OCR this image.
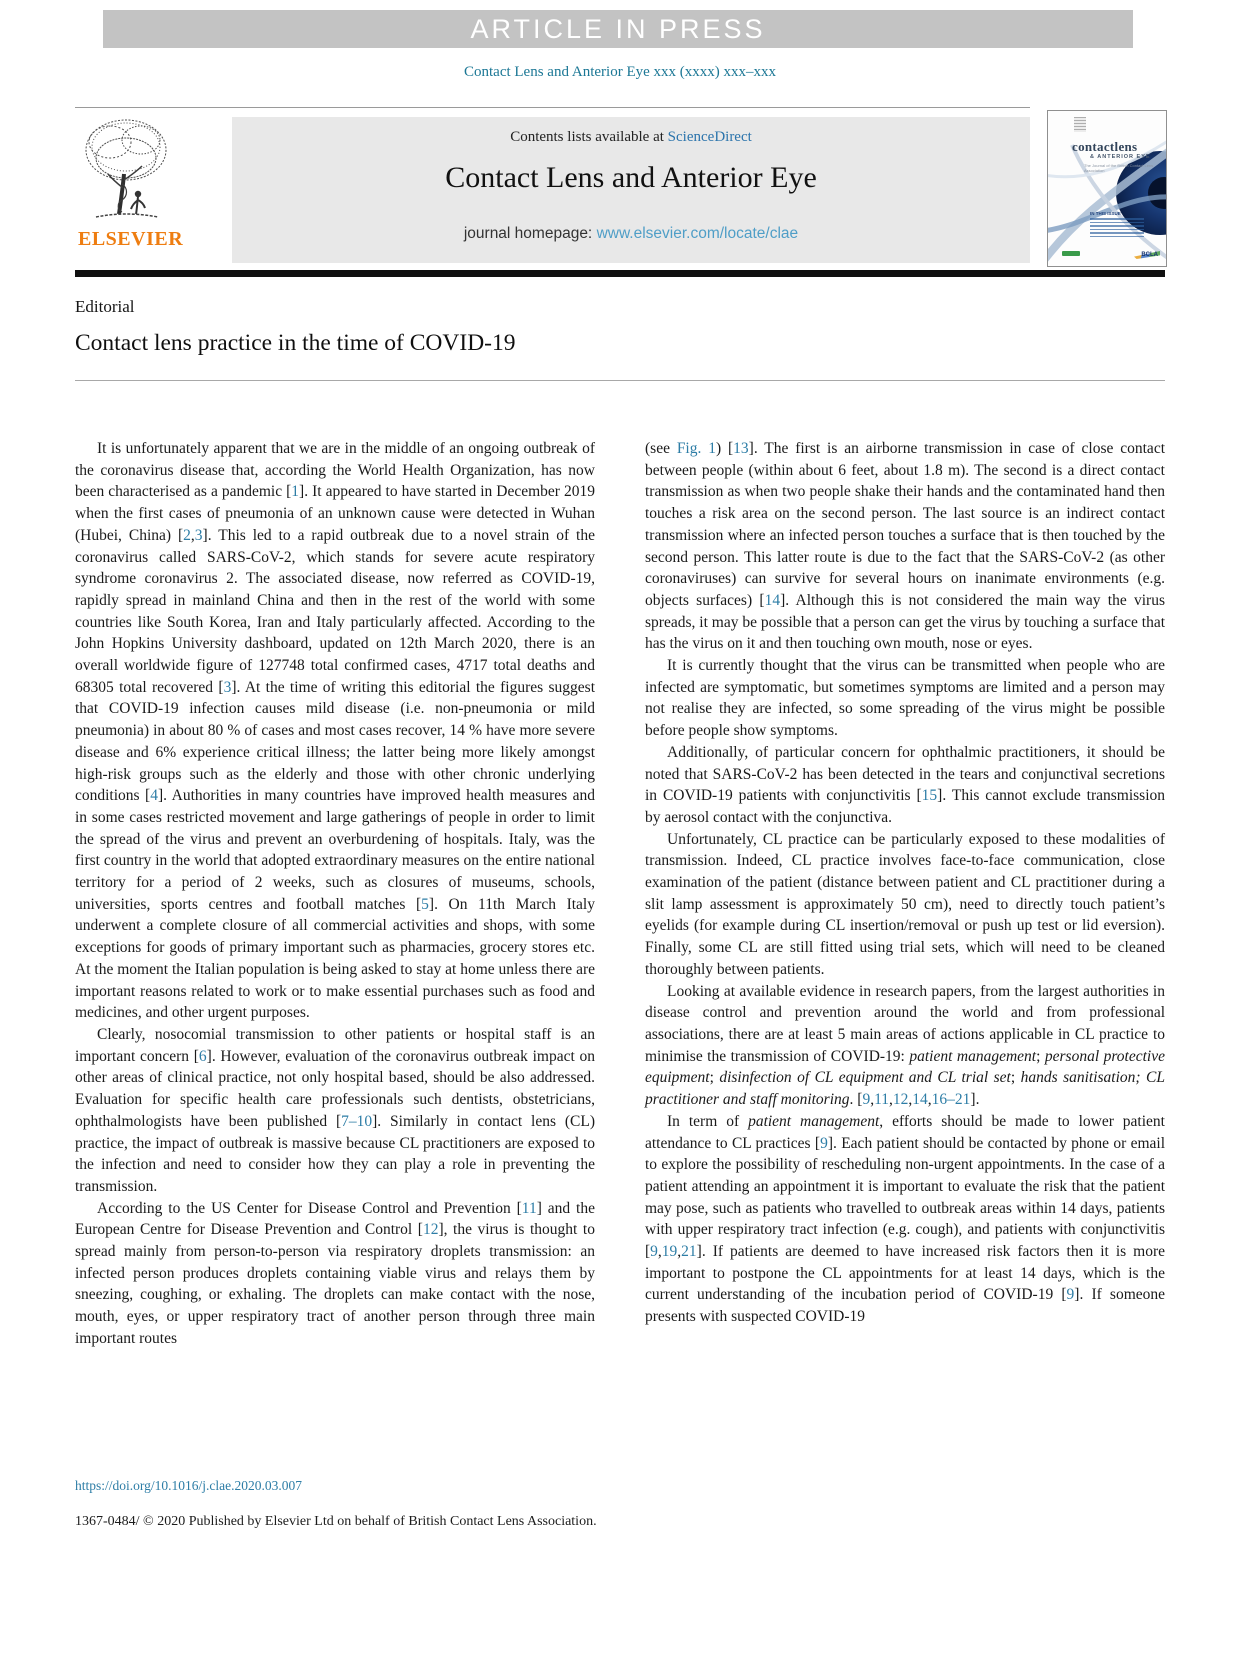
ARTICLE IN PRESS
Contact Lens and Anterior Eye xxx (xxxx) xxx–xxx
ELSEVIER
Contents lists available at ScienceDirect
Contact Lens and Anterior Eye
journal homepage: www.elsevier.com/locate/clae
contactlens
& ANTERIOR EYE
The Journal of the British Contact Lens Association
IN THIS ISSUE
BCLA
Editorial
Contact lens practice in the time of COVID-19

It is unfortunately apparent that we are in the middle of an ongoing outbreak of the coronavirus disease that, according the World Health Organization, has now been characterised as a pandemic [1]. It appeared to have started in December 2019 when the first cases of pneumonia of an unknown cause were detected in Wuhan (Hubei, China) [2,3]. This led to a rapid outbreak due to a novel strain of the coronavirus called SARS-CoV-2, which stands for severe acute respiratory syndrome coronavirus 2. The associated disease, now referred as COVID-19, rapidly spread in mainland China and then in the rest of the world with some countries like South Korea, Iran and Italy particularly affected. According to the John Hopkins University dashboard, updated on 12th March 2020, there is an overall worldwide figure of 127748 total confirmed cases, 4717 total deaths and 68305 total recovered [3]. At the time of writing this editorial the figures suggest that COVID-19 infection causes mild disease (i.e. non-pneumonia or mild pneumonia) in about 80 % of cases and most cases recover, 14 % have more severe disease and 6% experience critical illness; the latter being more likely amongst high-risk groups such as the elderly and those with other chronic underlying conditions [4]. Authorities in many countries have improved health measures and in some cases restricted movement and large gatherings of people in order to limit the spread of the virus and prevent an overburdening of hospitals. Italy, was the first country in the world that adopted extraordinary measures on the entire national territory for a period of 2 weeks, such as closures of museums, schools, universities, sports centres and football matches [5]. On 11th March Italy underwent a complete closure of all commercial activities and shops, with some exceptions for goods of primary important such as pharmacies, grocery stores etc. At the moment the Italian population is being asked to stay at home unless there are important reasons related to work or to make essential purchases such as food and medicines, and other urgent purposes.

Clearly, nosocomial transmission to other patients or hospital staff is an important concern [6]. However, evaluation of the coronavirus outbreak impact on other areas of clinical practice, not only hospital based, should be also addressed. Evaluation for specific health care professionals such dentists, obstetricians, ophthalmologists have been published [7–10]. Similarly in contact lens (CL) practice, the impact of outbreak is massive because CL practitioners are exposed to the infection and need to consider how they can play a role in preventing the transmission.

According to the US Center for Disease Control and Prevention [11] and the European Centre for Disease Prevention and Control [12], the virus is thought to spread mainly from person-to-person via respiratory droplets transmission: an infected person produces droplets containing viable virus and relays them by sneezing, coughing, or exhaling. The droplets can make contact with the nose, mouth, eyes, or upper respiratory tract of another person through three main important routes

(see Fig. 1) [13]. The first is an airborne transmission in case of close contact between people (within about 6 feet, about 1.8 m). The second is a direct contact transmission as when two people shake their hands and the contaminated hand then touches a risk area on the second person. The last source is an indirect contact transmission where an infected person touches a surface that is then touched by the second person. This latter route is due to the fact that the SARS-CoV-2 (as other coronaviruses) can survive for several hours on inanimate environments (e.g. objects surfaces) [14]. Although this is not considered the main way the virus spreads, it may be possible that a person can get the virus by touching a surface that has the virus on it and then touching own mouth, nose or eyes.

It is currently thought that the virus can be transmitted when people who are infected are symptomatic, but sometimes symptoms are limited and a person may not realise they are infected, so some spreading of the virus might be possible before people show symptoms.

Additionally, of particular concern for ophthalmic practitioners, it should be noted that SARS-CoV-2 has been detected in the tears and conjunctival secretions in COVID-19 patients with conjunctivitis [15]. This cannot exclude transmission by aerosol contact with the conjunctiva.

Unfortunately, CL practice can be particularly exposed to these modalities of transmission. Indeed, CL practice involves face-to-face communication, close examination of the patient (distance between patient and CL practitioner during a slit lamp assessment is approximately 50 cm), need to directly touch patient’s eyelids (for example during CL insertion/removal or push up test or lid eversion). Finally, some CL are still fitted using trial sets, which will need to be cleaned thoroughly between patients.

Looking at available evidence in research papers, from the largest authorities in disease control and prevention around the world and from professional associations, there are at least 5 main areas of actions applicable in CL practice to minimise the transmission of COVID-19: patient management; personal protective equipment; disinfection of CL equipment and CL trial set; hands sanitisation; CL practitioner and staff monitoring. [9,11,12,14,16–21].

In term of patient management, efforts should be made to lower patient attendance to CL practices [9]. Each patient should be contacted by phone or email to explore the possibility of rescheduling non-urgent appointments. In the case of a patient attending an appointment it is important to evaluate the risk that the patient may pose, such as patients who travelled to outbreak areas within 14 days, patients with upper respiratory tract infection (e.g. cough), and patients with conjunctivitis [9,19,21]. If patients are deemed to have increased risk factors then it is more important to postpone the CL appointments for at least 14 days, which is the current understanding of the incubation period of COVID-19 [9]. If someone presents with suspected COVID-19

https://doi.org/10.1016/j.clae.2020.03.007
1367-0484/ © 2020 Published by Elsevier Ltd on behalf of British Contact Lens Association.
